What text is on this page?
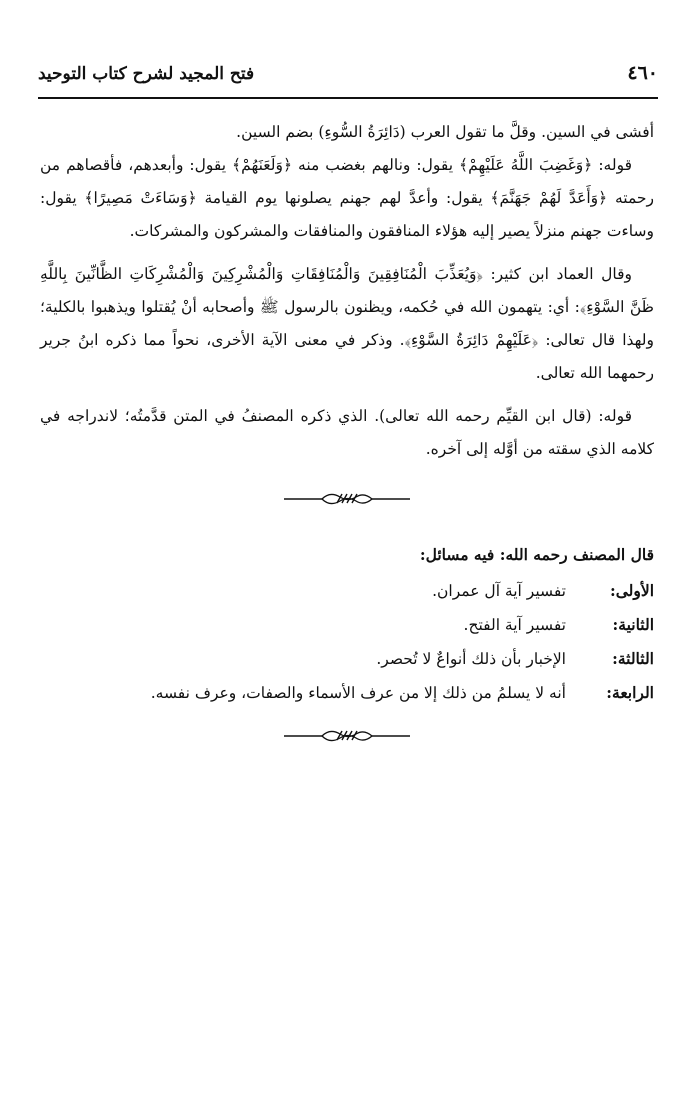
فتح المجيد لشرح كتاب التوحيد	٤٦٠

أفشى في السين. وقلَّ ما تقول العرب (دَائِرَةُ السُّوءِ) بضم السين.

قوله: ﴿وَغَضِبَ اللَّهُ عَلَيْهِمْ﴾ يقول: ونالهم بغضب منه ﴿وَلَعَنَهُمْ﴾ يقول: وأبعدهم، فأقصاهم من رحمته ﴿وَأَعَدَّ لَهُمْ جَهَنَّمَ﴾ يقول: وأعدَّ لهم جهنم يصلونها يوم القيامة ﴿وَسَاءَتْ مَصِيرًا﴾ يقول: وساءت جهنم منزلاً يصير إليه هؤلاء المنافقون والمنافقات والمشركون والمشركات.

وقال العماد ابن كثير: ﴿وَيُعَذِّبَ الْمُنَافِقِينَ وَالْمُنَافِقَاتِ وَالْمُشْرِكِينَ وَالْمُشْرِكَاتِ الظَّانِّينَ بِاللَّهِ ظَنَّ السَّوْءِ﴾: أي: يتهمون الله في حُكمه، ويظنون بالرسول ﷺ وأصحابه أنْ يُقتلوا ويذهبوا بالكلية؛ ولهذا قال تعالى: ﴿عَلَيْهِمْ دَائِرَةُ السَّوْءِ﴾. وذكر في معنى الآية الأخرى، نحواً مما ذكره ابنُ جرير رحمهما الله تعالى.

قوله: (قال ابن القيِّم رحمه الله تعالى). الذي ذكره المصنفُ في المتن قدَّمتُه؛ لاندراجه في كلامه الذي سقته من أوَّله إلى آخره.

قال المصنف رحمه الله: فيه مسائل:
الأولى:
تفسير آية آل عمران.
الثانية:
تفسير آية الفتح.
الثالثة:
الإخبار بأن ذلك أنواعٌ لا تُحصر.
الرابعة:
أنه لا يسلمُ من ذلك إلا من عرف الأسماء والصفات، وعرف نفسه.
